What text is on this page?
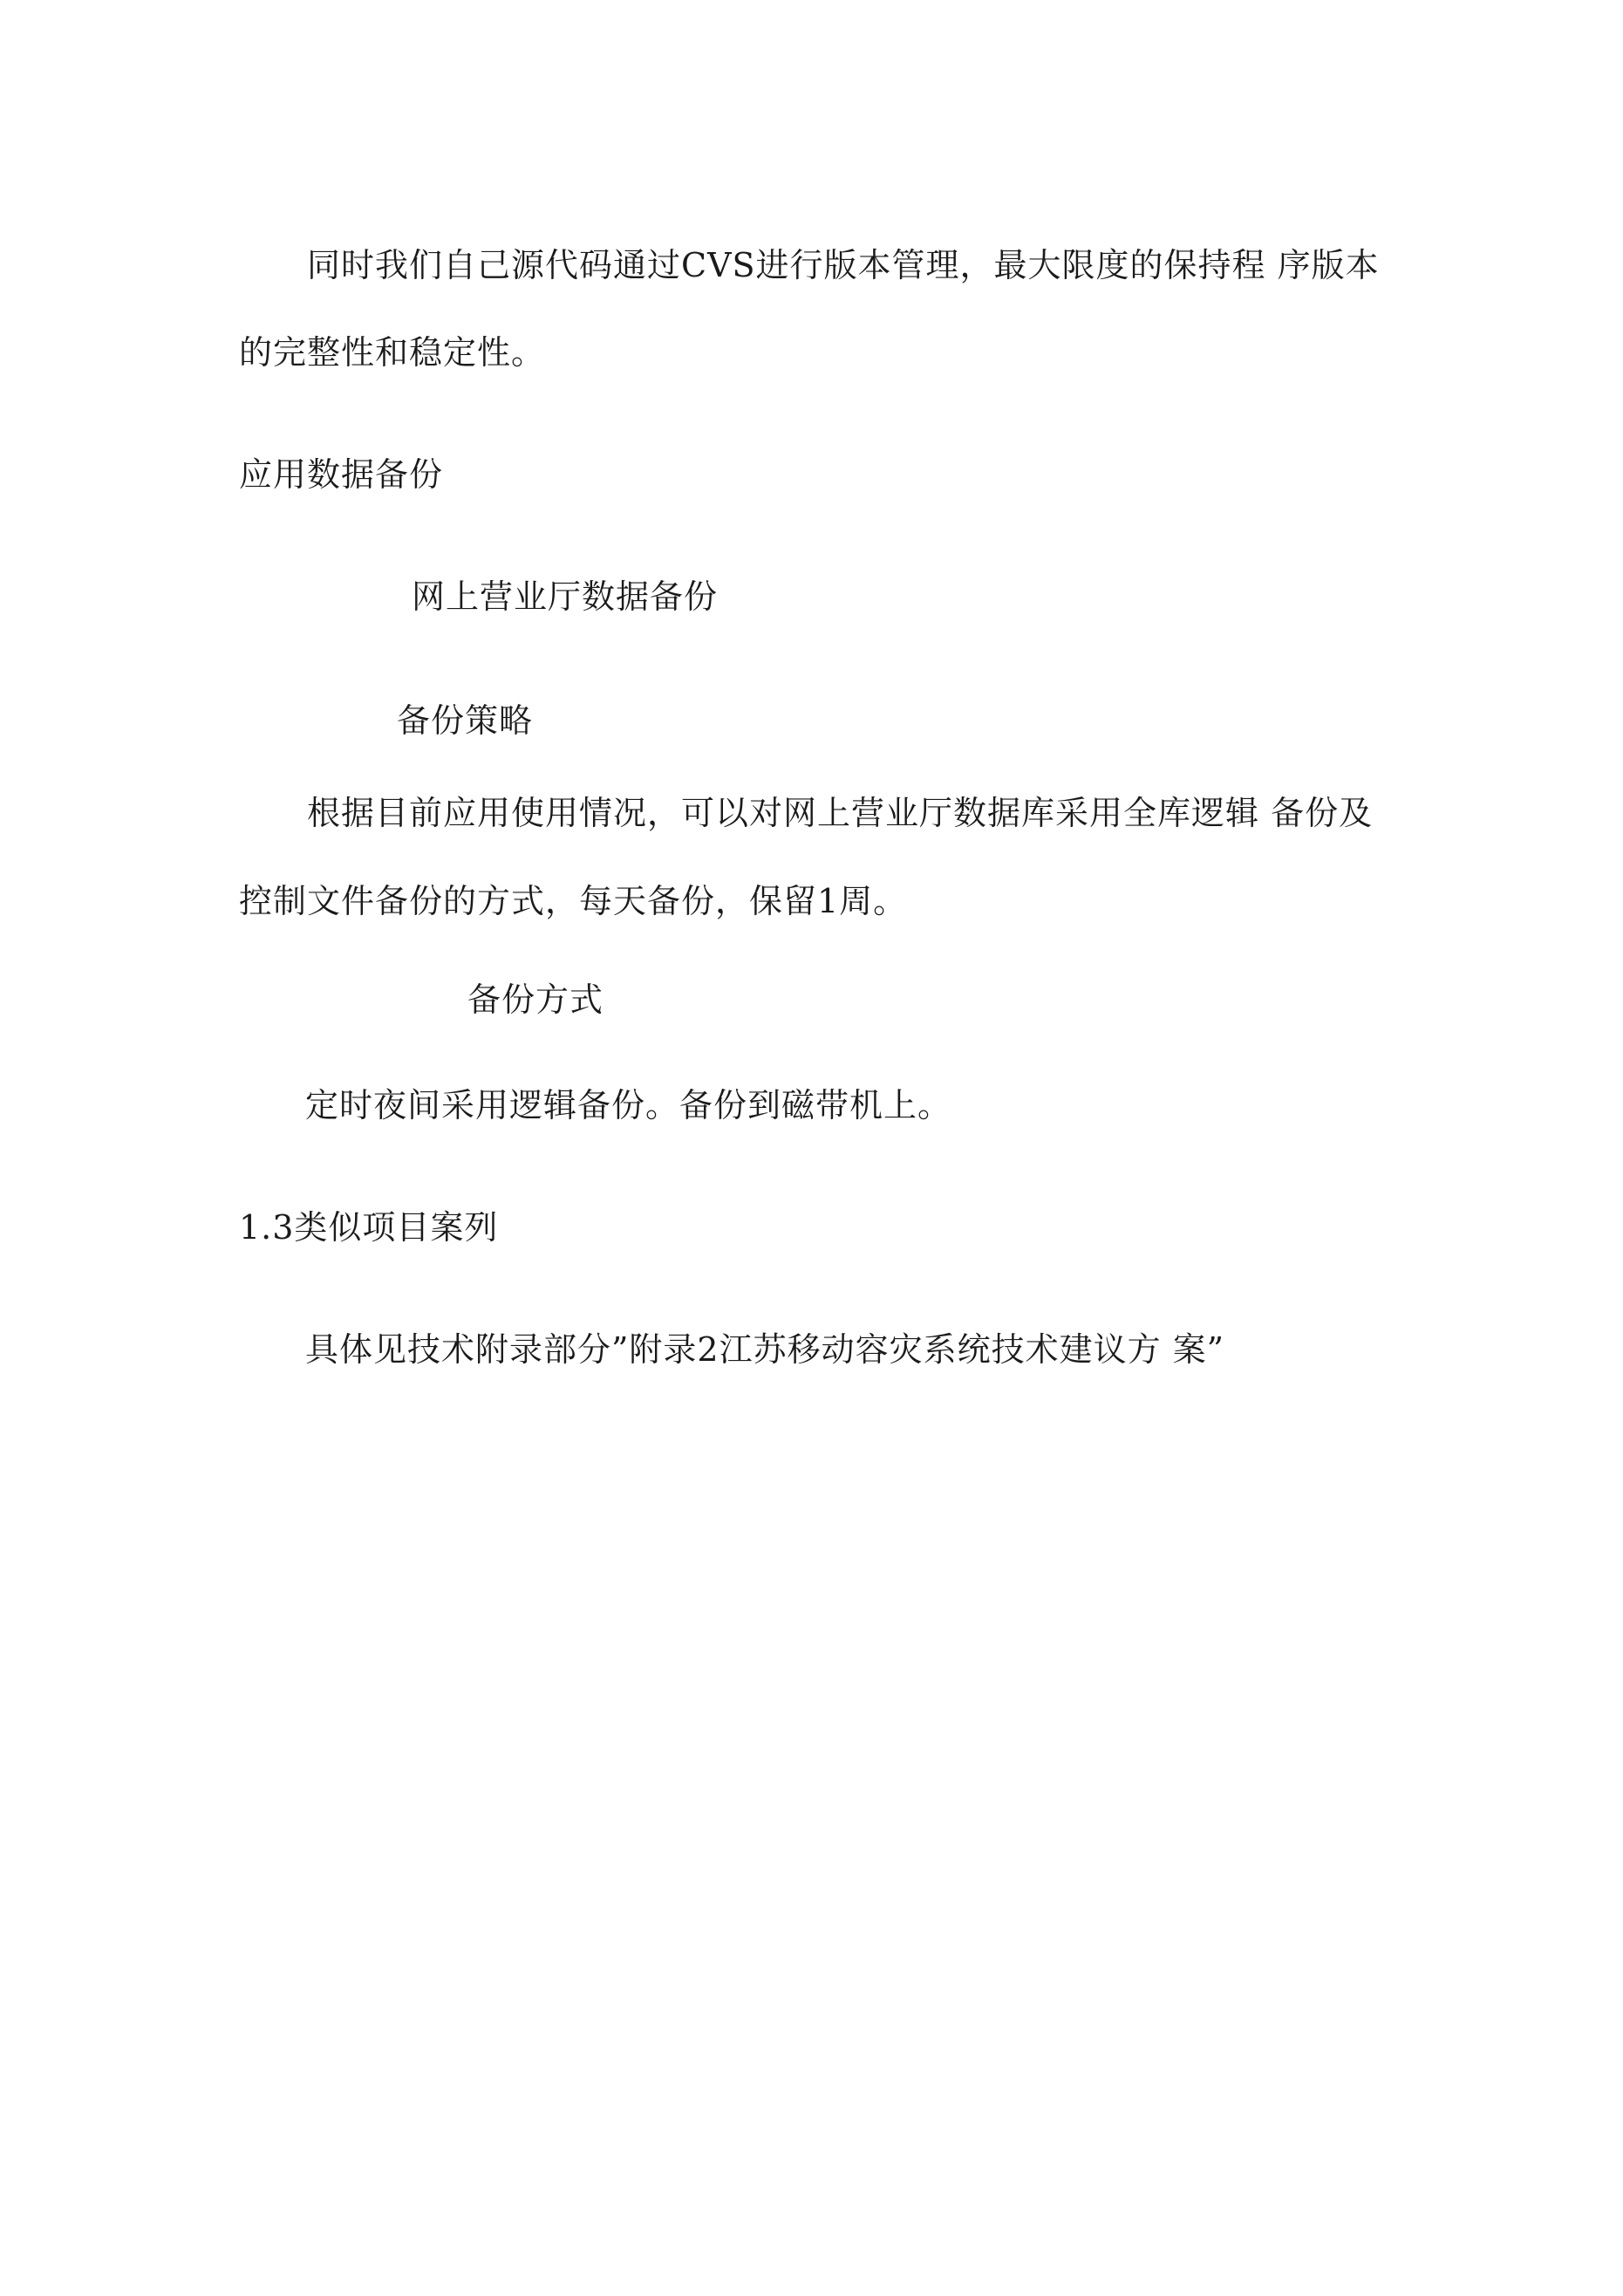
同时我们自己源代码通过CVS进行版本管理，最大限度的保持程 序版本
的完整性和稳定性。
应用数据备份
网上营业厅数据备份
备份策略
根据目前应用使用情况，可以对网上营业厅数据库采用全库逻辑 备份及
控制文件备份的方式，每天备份，保留1周。
备份方式
定时夜间采用逻辑备份。备份到磁带机上。
1.3类似项目案列
具体见技术附录部分”附录2江苏移动容灾系统技术建议方 案”
